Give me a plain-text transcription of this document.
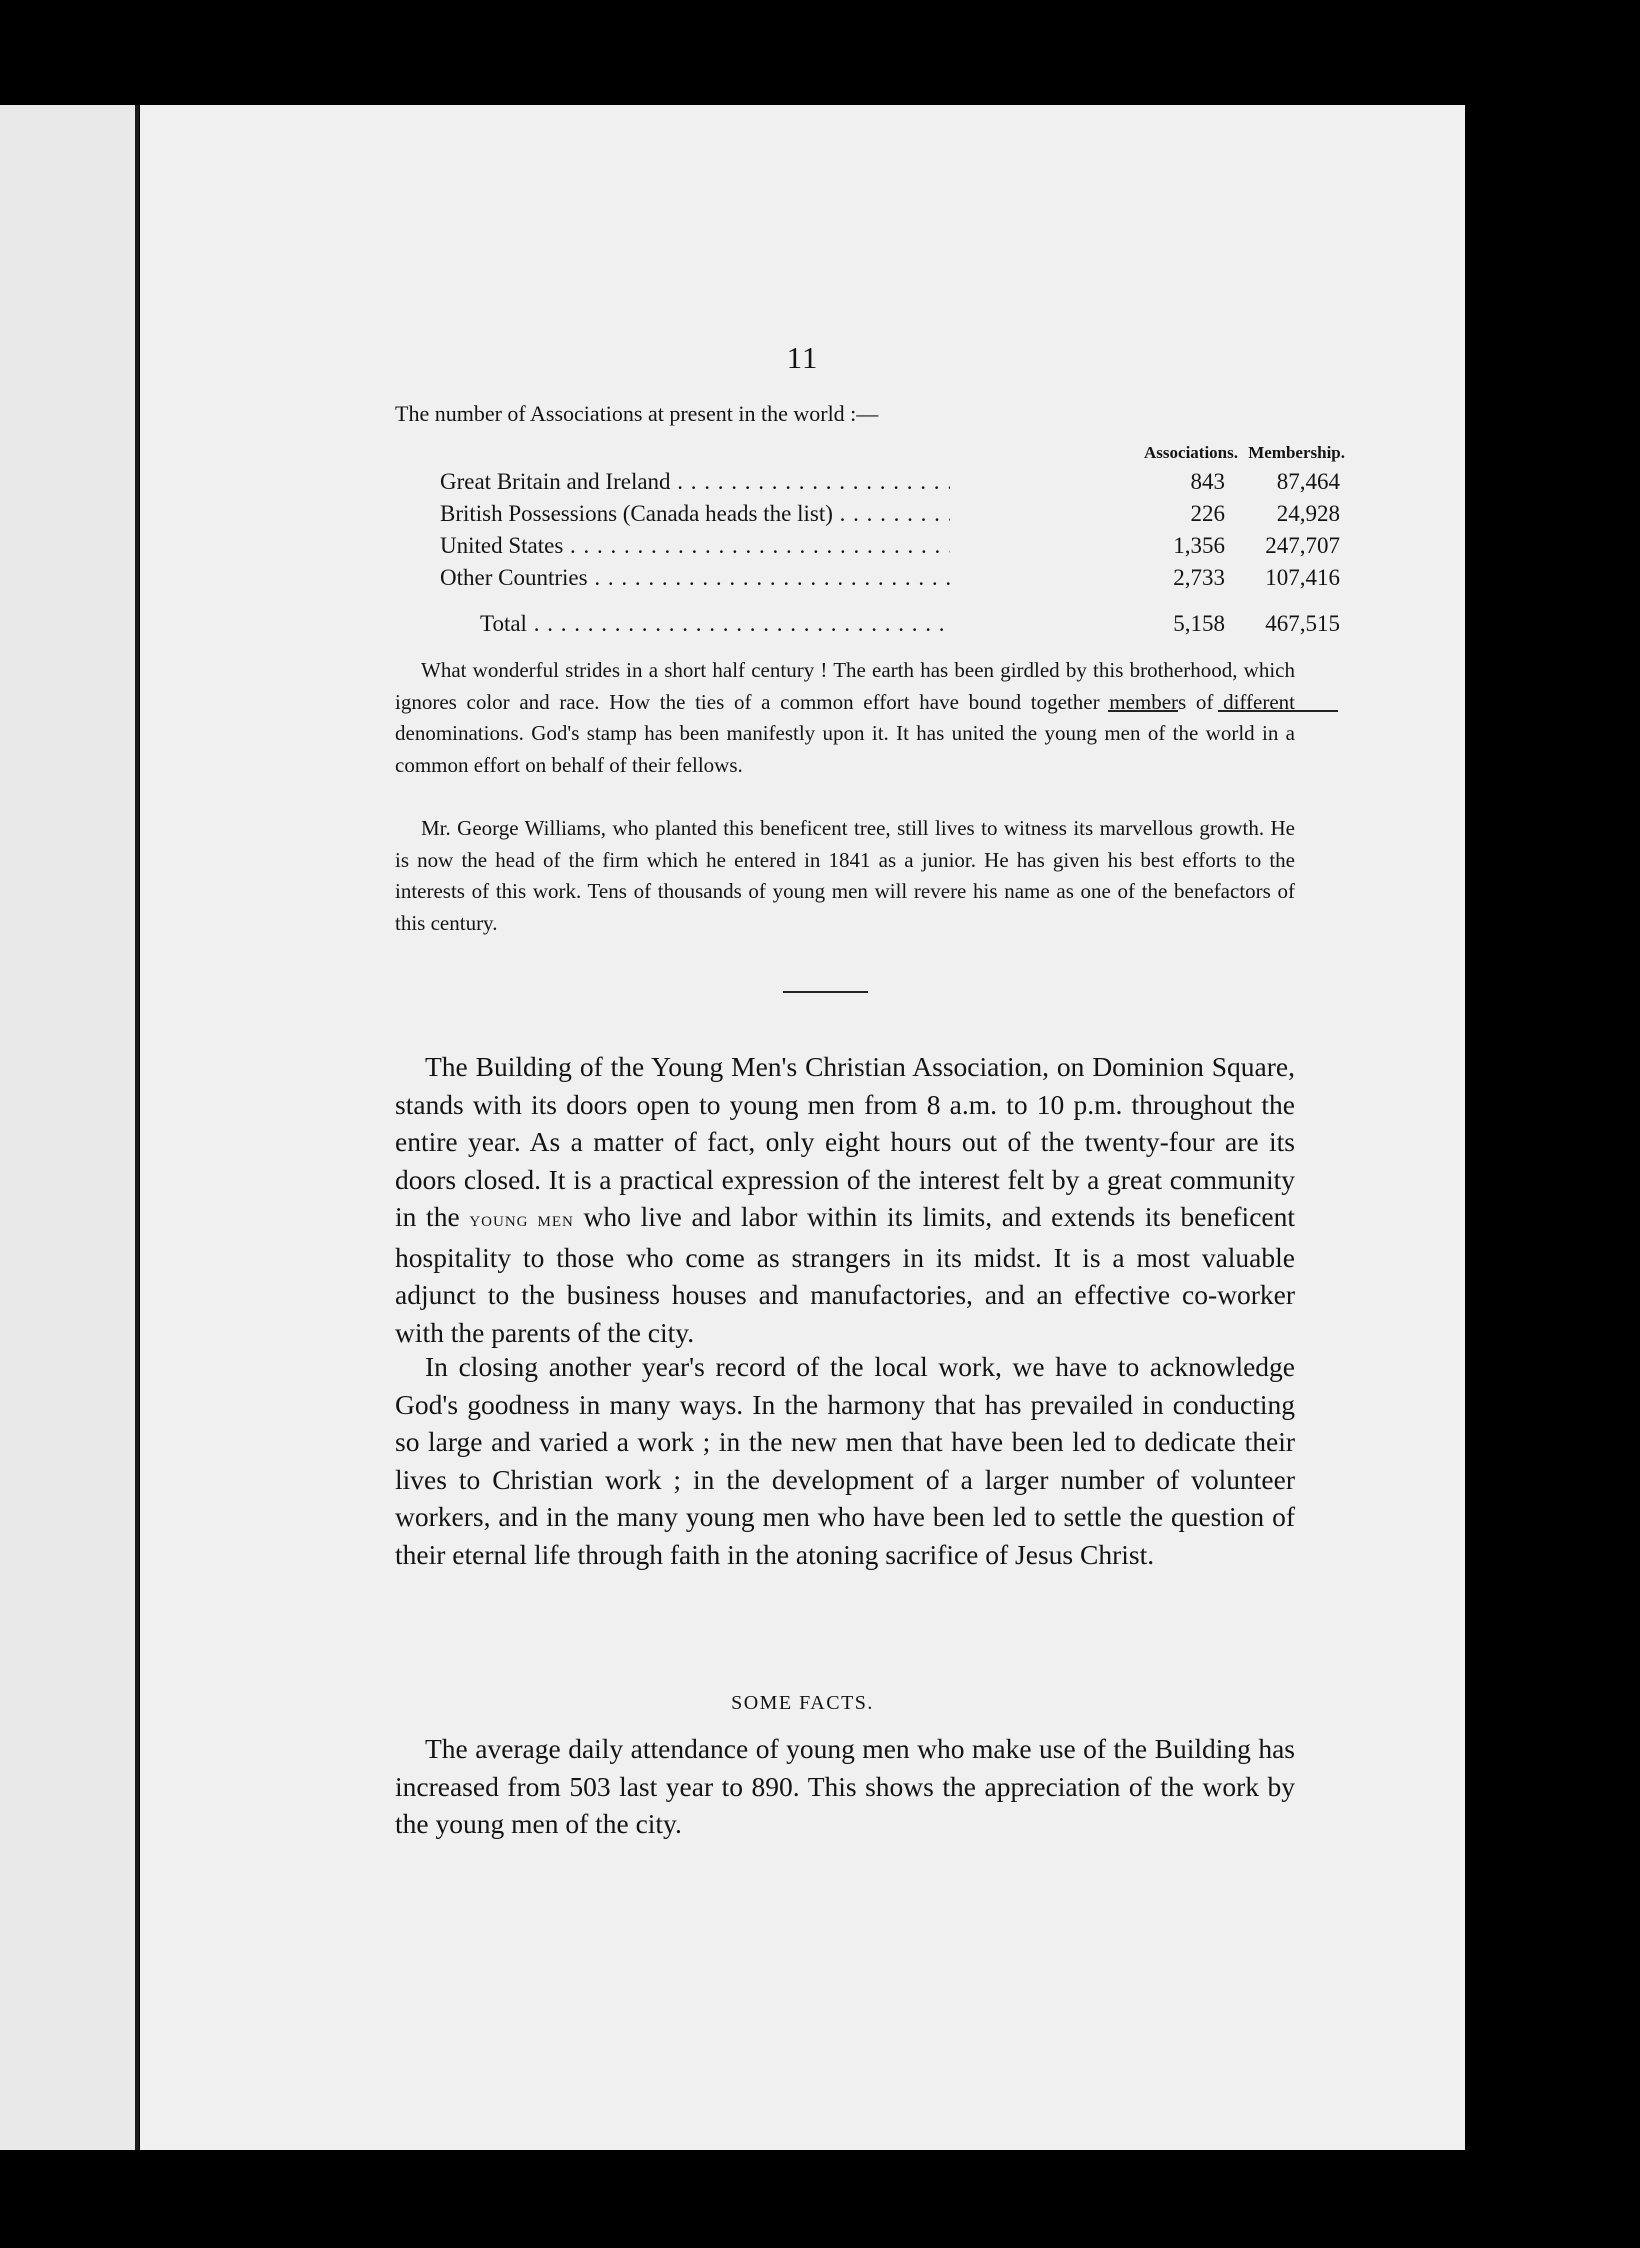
11
The number of Associations at present in the world :—
Associations. Membership.
Great Britain and Ireland . . .	843 87,464
British Possessions (Canada heads the list) . . .	226 24,928
United States . . .	1,356 247,707
Other Countries . . .	2,733 107,416
Total . . .	5,158 467,515

What wonderful strides in a short half century ! The earth has been girdled by this brotherhood, which ignores color and race. How the ties of a common effort have bound together members of different denominations. God's stamp has been manifestly upon it. It has united the young men of the world in a common effort on behalf of their fellows.

Mr. George Williams, who planted this beneficent tree, still lives to witness its marvellous growth. He is now the head of the firm which he entered in 1841 as a junior. He has given his best efforts to the interests of this work. Tens of thousands of young men will revere his name as one of the benefactors of this century.

The Building of the Young Men's Christian Association, on Dominion Square, stands with its doors open to young men from 8 a.m. to 10 p.m. throughout the entire year. As a matter of fact, only eight hours out of the twenty-four are its doors closed. It is a practical expression of the interest felt by a great community in the young men who live and labor within its limits, and extends its beneficent hospitality to those who come as strangers in its midst. It is a most valuable adjunct to the business houses and manufactories, and an effective co-worker with the parents of the city.

In closing another year's record of the local work, we have to acknowledge God's goodness in many ways. In the harmony that has prevailed in conducting so large and varied a work ; in the new men that have been led to dedicate their lives to Christian work ; in the development of a larger number of volunteer workers, and in the many young men who have been led to settle the question of their eternal life through faith in the atoning sacrifice of Jesus Christ.

SOME FACTS.

The average daily attendance of young men who make use of the Building has increased from 503 last year to 890. This shows the appreciation of the work by the young men of the city.
